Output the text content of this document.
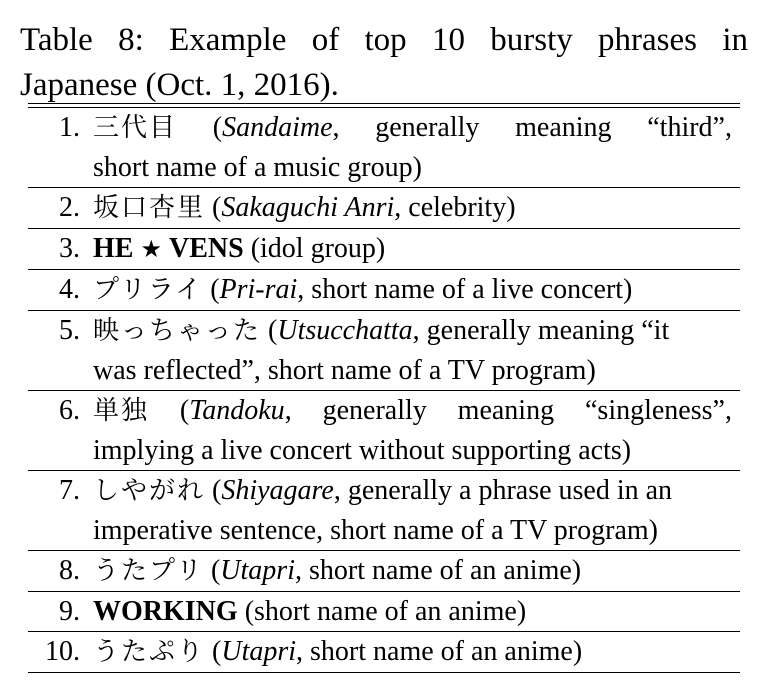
Table 8: Example of top 10 bursty phrases in
Japanese (Oct. 1, 2016).
1. 三代目 (Sandaime, generally meaning “third”,
short name of a music group)
2. 坂口杏里 (Sakaguchi Anri, celebrity)
3. HE ★ VENS (idol group)
4. プリライ (Pri-rai, short name of a live concert)
5. 映っちゃった (Utsucchatta, generally meaning “it
was reflected”, short name of a TV program)
6. 単独 (Tandoku, generally meaning “singleness”,
implying a live concert without supporting acts)
7. しやがれ (Shiyagare, generally a phrase used in an
imperative sentence, short name of a TV program)
8. うたプリ (Utapri, short name of an anime)
9. WORKING (short name of an anime)
10. うたぷり (Utapri, short name of an anime)
